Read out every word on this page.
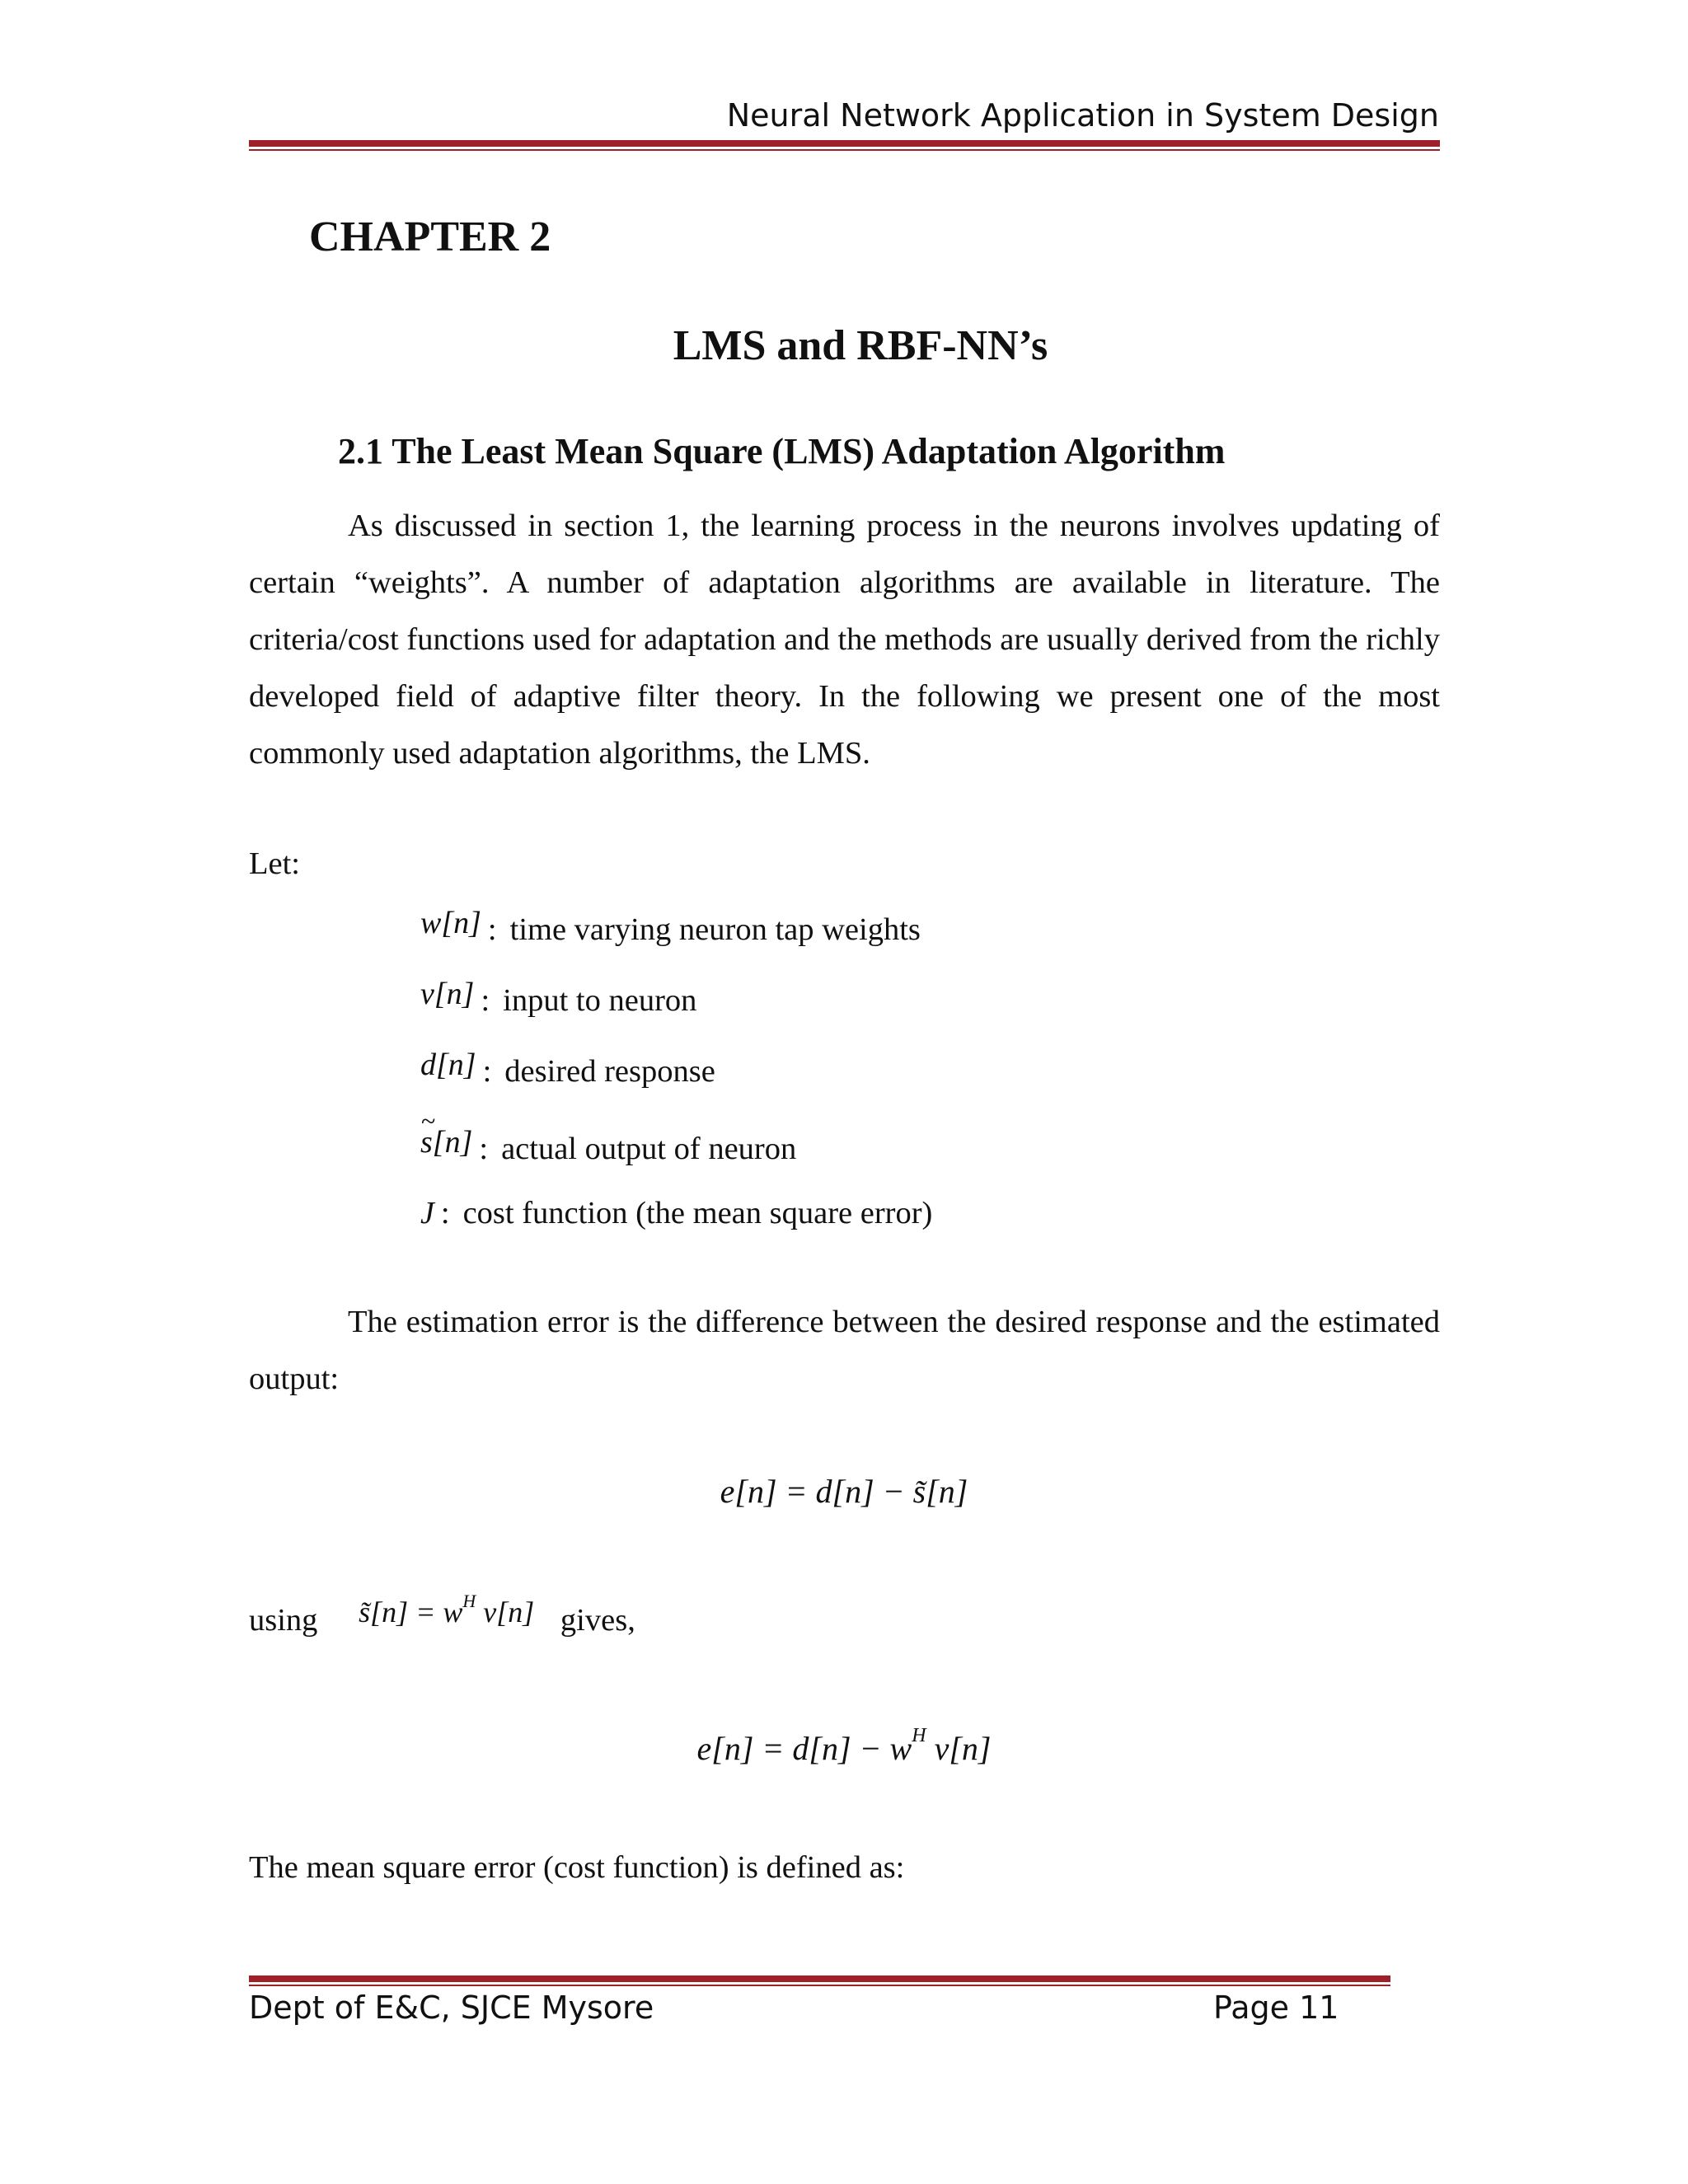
Neural Network Application in System Design
CHAPTER 2
LMS and RBF-NN’s
2.1 The Least Mean Square (LMS) Adaptation Algorithm
As discussed in section 1, the learning process in the neurons involves updating of certain “weights”. A number of adaptation algorithms are available in literature. The criteria/cost functions used for adaptation and the methods are usually derived from the richly developed field of adaptive filter theory. In the following we present one of the most commonly used adaptation algorithms, the LMS.
Let:
w[n] : time varying neuron tap weights
v[n] : input to neuron
d[n] : desired response
~ s[n] : actual output of neuron
J : cost function (the mean square error)
The estimation error is the difference between the desired response and the estimated output:
e[n] = d[n] − s̃[n]
using s̃[n] = $w^H$ v[n] gives,
$e[n] = d[n] - w^H$ v[n]
The mean square error (cost function) is defined as:
Dept of E&C, SJCE Mysore	Page 11
